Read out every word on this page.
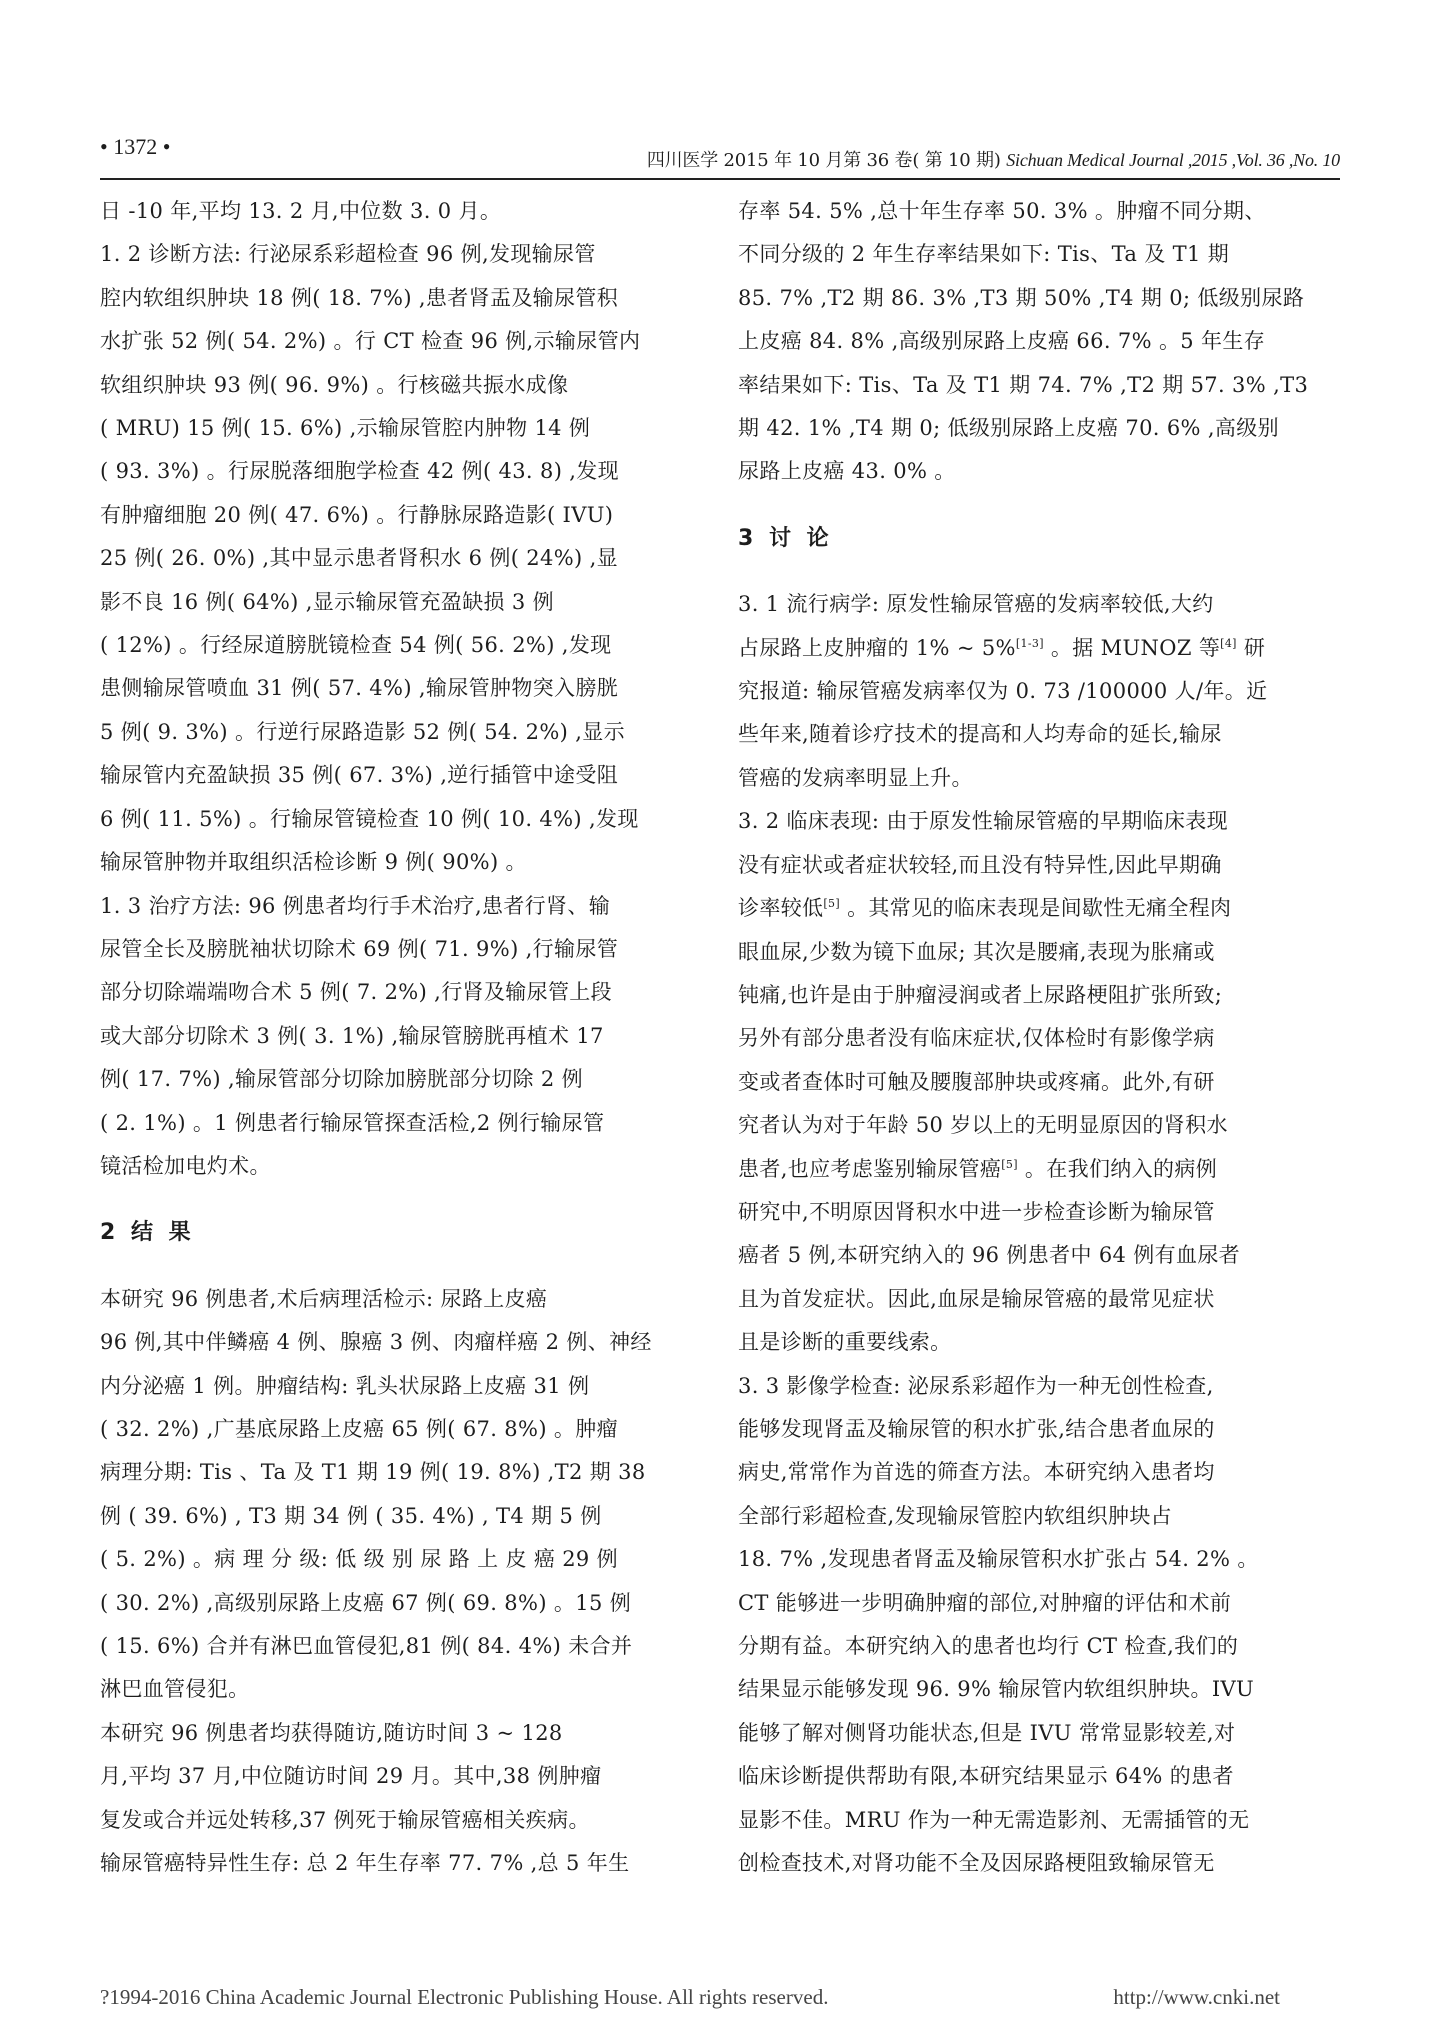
• 1372 •
四川医学 2015 年 10 月第 36 卷( 第 10 期) Sichuan Medical Journal ,2015 ,Vol. 36 ,No. 10
日 -10 年,平均 13. 2 月,中位数 3. 0 月。
1. 2 诊断方法: 行泌尿系彩超检查 96 例,发现输尿管
腔内软组织肿块 18 例( 18. 7%) ,患者肾盂及输尿管积
水扩张 52 例( 54. 2%) 。行 CT 检查 96 例,示输尿管内
软组织肿块 93 例( 96. 9%) 。行核磁共振水成像
( MRU) 15 例( 15. 6%) ,示输尿管腔内肿物 14 例
( 93. 3%) 。行尿脱落细胞学检查 42 例( 43. 8) ,发现
有肿瘤细胞 20 例( 47. 6%) 。行静脉尿路造影( IVU)
25 例( 26. 0%) ,其中显示患者肾积水 6 例( 24%) ,显
影不良 16 例( 64%) ,显示输尿管充盈缺损 3 例
( 12%) 。行经尿道膀胱镜检查 54 例( 56. 2%) ,发现
患侧输尿管喷血 31 例( 57. 4%) ,输尿管肿物突入膀胱
5 例( 9. 3%) 。行逆行尿路造影 52 例( 54. 2%) ,显示
输尿管内充盈缺损 35 例( 67. 3%) ,逆行插管中途受阻
6 例( 11. 5%) 。行输尿管镜检查 10 例( 10. 4%) ,发现
输尿管肿物并取组织活检诊断 9 例( 90%) 。
1. 3 治疗方法: 96 例患者均行手术治疗,患者行肾、输
尿管全长及膀胱袖状切除术 69 例( 71. 9%) ,行输尿管
部分切除端端吻合术 5 例( 7. 2%) ,行肾及输尿管上段
或大部分切除术 3 例( 3. 1%) ,输尿管膀胱再植术 17
例( 17. 7%) ,输尿管部分切除加膀胱部分切除 2 例
( 2. 1%) 。1 例患者行输尿管探查活检,2 例行输尿管
镜活检加电灼术。
2 结 果
本研究 96 例患者,术后病理活检示: 尿路上皮癌
96 例,其中伴鳞癌 4 例、腺癌 3 例、肉瘤样癌 2 例、神经
内分泌癌 1 例。肿瘤结构: 乳头状尿路上皮癌 31 例
( 32. 2%) ,广基底尿路上皮癌 65 例( 67. 8%) 。肿瘤
病理分期: Tis 、Ta 及 T1 期 19 例( 19. 8%) ,T2 期 38
例 ( 39. 6%) , T3 期 34 例 ( 35. 4%) , T4 期 5 例
( 5. 2%) 。病 理 分 级: 低 级 别 尿 路 上 皮 癌 29 例
( 30. 2%) ,高级别尿路上皮癌 67 例( 69. 8%) 。15 例
( 15. 6%) 合并有淋巴血管侵犯,81 例( 84. 4%) 未合并
淋巴血管侵犯。
本研究 96 例患者均获得随访,随访时间 3 ~ 128
月,平均 37 月,中位随访时间 29 月。其中,38 例肿瘤
复发或合并远处转移,37 例死于输尿管癌相关疾病。
输尿管癌特异性生存: 总 2 年生存率 77. 7% ,总 5 年生
存率 54. 5% ,总十年生存率 50. 3% 。肿瘤不同分期、
不同分级的 2 年生存率结果如下: Tis、Ta 及 T1 期
85. 7% ,T2 期 86. 3% ,T3 期 50% ,T4 期 0; 低级别尿路
上皮癌 84. 8% ,高级别尿路上皮癌 66. 7% 。5 年生存
率结果如下: Tis、Ta 及 T1 期 74. 7% ,T2 期 57. 3% ,T3
期 42. 1% ,T4 期 0; 低级别尿路上皮癌 70. 6% ,高级别
尿路上皮癌 43. 0% 。
3 讨 论
3. 1 流行病学: 原发性输尿管癌的发病率较低,大约
占尿路上皮肿瘤的 1% ~ 5%[1-3] 。据 MUNOZ 等[4] 研
究报道: 输尿管癌发病率仅为 0. 73 /100000 人/年。近
些年来,随着诊疗技术的提高和人均寿命的延长,输尿
管癌的发病率明显上升。
3. 2 临床表现: 由于原发性输尿管癌的早期临床表现
没有症状或者症状较轻,而且没有特异性,因此早期确
诊率较低[5] 。其常见的临床表现是间歇性无痛全程肉
眼血尿,少数为镜下血尿; 其次是腰痛,表现为胀痛或
钝痛,也许是由于肿瘤浸润或者上尿路梗阻扩张所致;
另外有部分患者没有临床症状,仅体检时有影像学病
变或者查体时可触及腰腹部肿块或疼痛。此外,有研
究者认为对于年龄 50 岁以上的无明显原因的肾积水
患者,也应考虑鉴别输尿管癌[5] 。在我们纳入的病例
研究中,不明原因肾积水中进一步检查诊断为输尿管
癌者 5 例,本研究纳入的 96 例患者中 64 例有血尿者
且为首发症状。因此,血尿是输尿管癌的最常见症状
且是诊断的重要线索。
3. 3 影像学检查: 泌尿系彩超作为一种无创性检查,
能够发现肾盂及输尿管的积水扩张,结合患者血尿的
病史,常常作为首选的筛查方法。本研究纳入患者均
全部行彩超检查,发现输尿管腔内软组织肿块占
18. 7% ,发现患者肾盂及输尿管积水扩张占 54. 2% 。
CT 能够进一步明确肿瘤的部位,对肿瘤的评估和术前
分期有益。本研究纳入的患者也均行 CT 检查,我们的
结果显示能够发现 96. 9% 输尿管内软组织肿块。IVU
能够了解对侧肾功能状态,但是 IVU 常常显影较差,对
临床诊断提供帮助有限,本研究结果显示 64% 的患者
显影不佳。MRU 作为一种无需造影剂、无需插管的无
创检查技术,对肾功能不全及因尿路梗阻致输尿管无
?1994-2016 China Academic Journal Electronic Publishing House. All rights reserved.	http://www.cnki.net
